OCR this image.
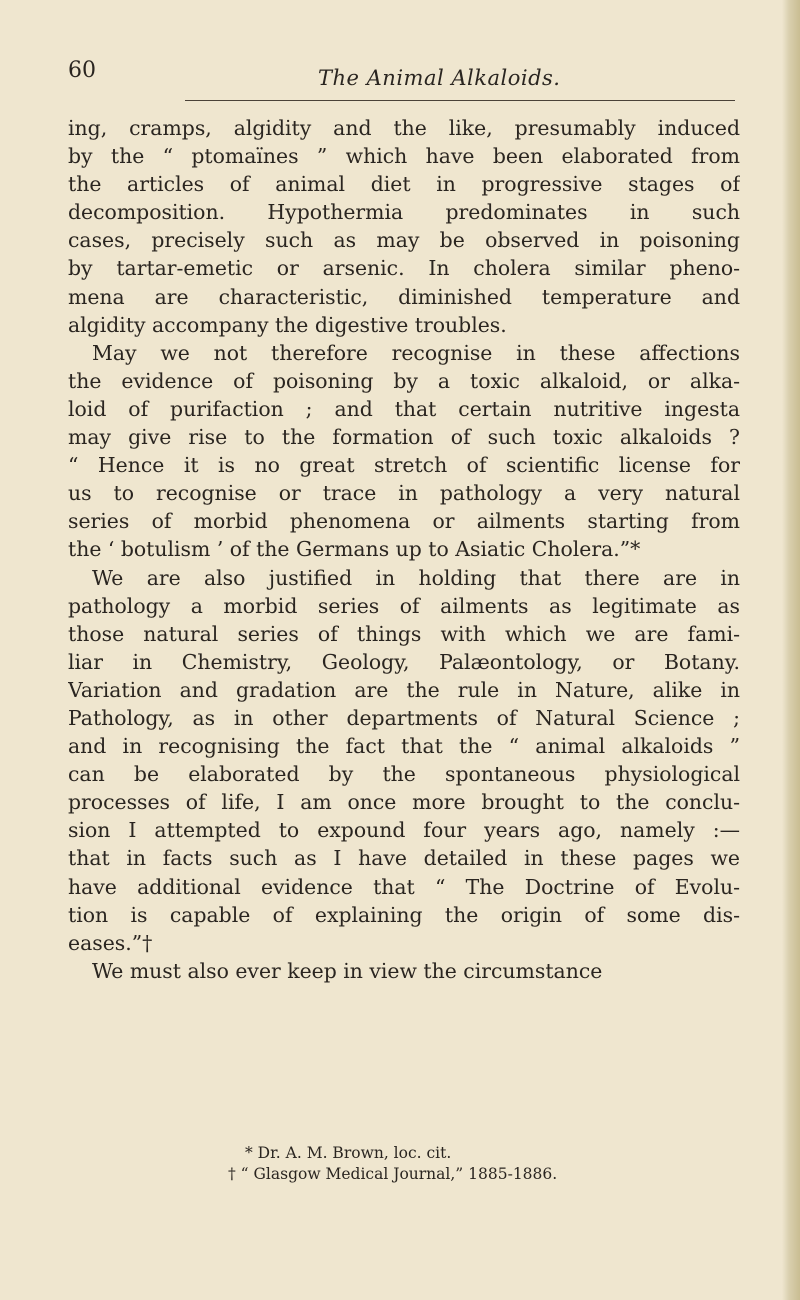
60	The Animal Alkaloids.
ing, cramps, algidity and the like, presumably induced
by the “ ptomaïnes ” which have been elaborated from
the articles of animal diet in progressive stages of
decomposition. Hypothermia predominates in such
cases, precisely such as may be observed in poisoning
by tartar-emetic or arsenic. In cholera similar pheno-
mena are characteristic, diminished temperature and
algidity accompany the digestive troubles.
May we not therefore recognise in these affections
the evidence of poisoning by a toxic alkaloid, or alka-
loid of purifaction ; and that certain nutritive ingesta
may give rise to the formation of such toxic alkaloids ?
“ Hence it is no great stretch of scientific license for
us to recognise or trace in pathology a very natural
series of morbid phenomena or ailments starting from
the ‘ botulism ’ of the Germans up to Asiatic Cholera.”*
We are also justified in holding that there are in
pathology a morbid series of ailments as legitimate as
those natural series of things with which we are fami-
liar in Chemistry, Geology, Palæontology, or Botany.
Variation and gradation are the rule in Nature, alike in
Pathology, as in other departments of Natural Science ;
and in recognising the fact that the “ animal alkaloids ”
can be elaborated by the spontaneous physiological
processes of life, I am once more brought to the conclu-
sion I attempted to expound four years ago, namely :—
that in facts such as I have detailed in these pages we
have additional evidence that “ The Doctrine of Evolu-
tion is capable of explaining the origin of some dis-
eases.”†
We must also ever keep in view the circumstance
* Dr. A. M. Brown, loc. cit.
† “ Glasgow Medical Journal,” 1885-1886.
